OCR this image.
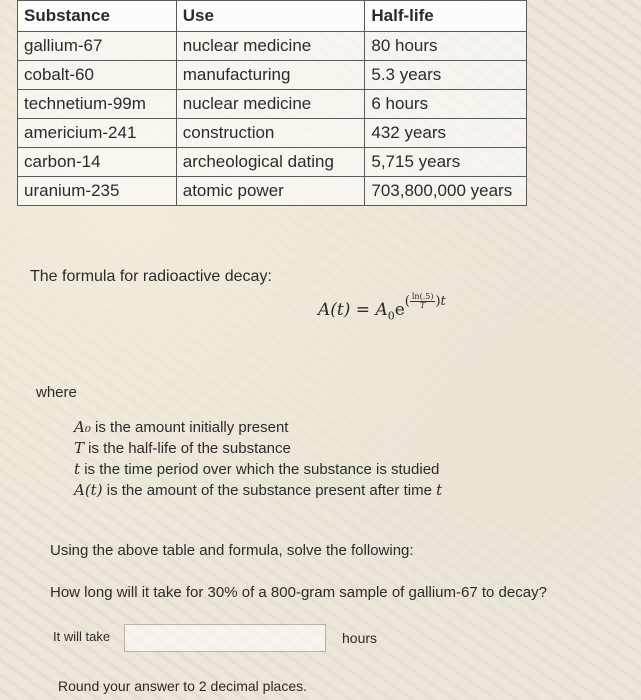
Substance	Use	Half-life
gallium-67	nuclear medicine	80 hours
cobalt-60	manufacturing	5.3 years
technetium-99m	nuclear medicine	6 hours
americium-241	construction	432 years
carbon-14	archeological dating	5,715 years
uranium-235	atomic power	703,800,000 years
The formula for radioactive decay:
$A(t) = A_0e^{( \frac{\ln(.5)}{T} )t}$
where
A₀ is the amount initially present
T is the half-life of the substance
t is the time period over which the substance is studied
A(t) is the amount of the substance present after time t
Using the above table and formula, solve the following:
How long will it take for 30% of a 800-gram sample of gallium-67 to decay?
It will take	hours
Round your answer to 2 decimal places.
